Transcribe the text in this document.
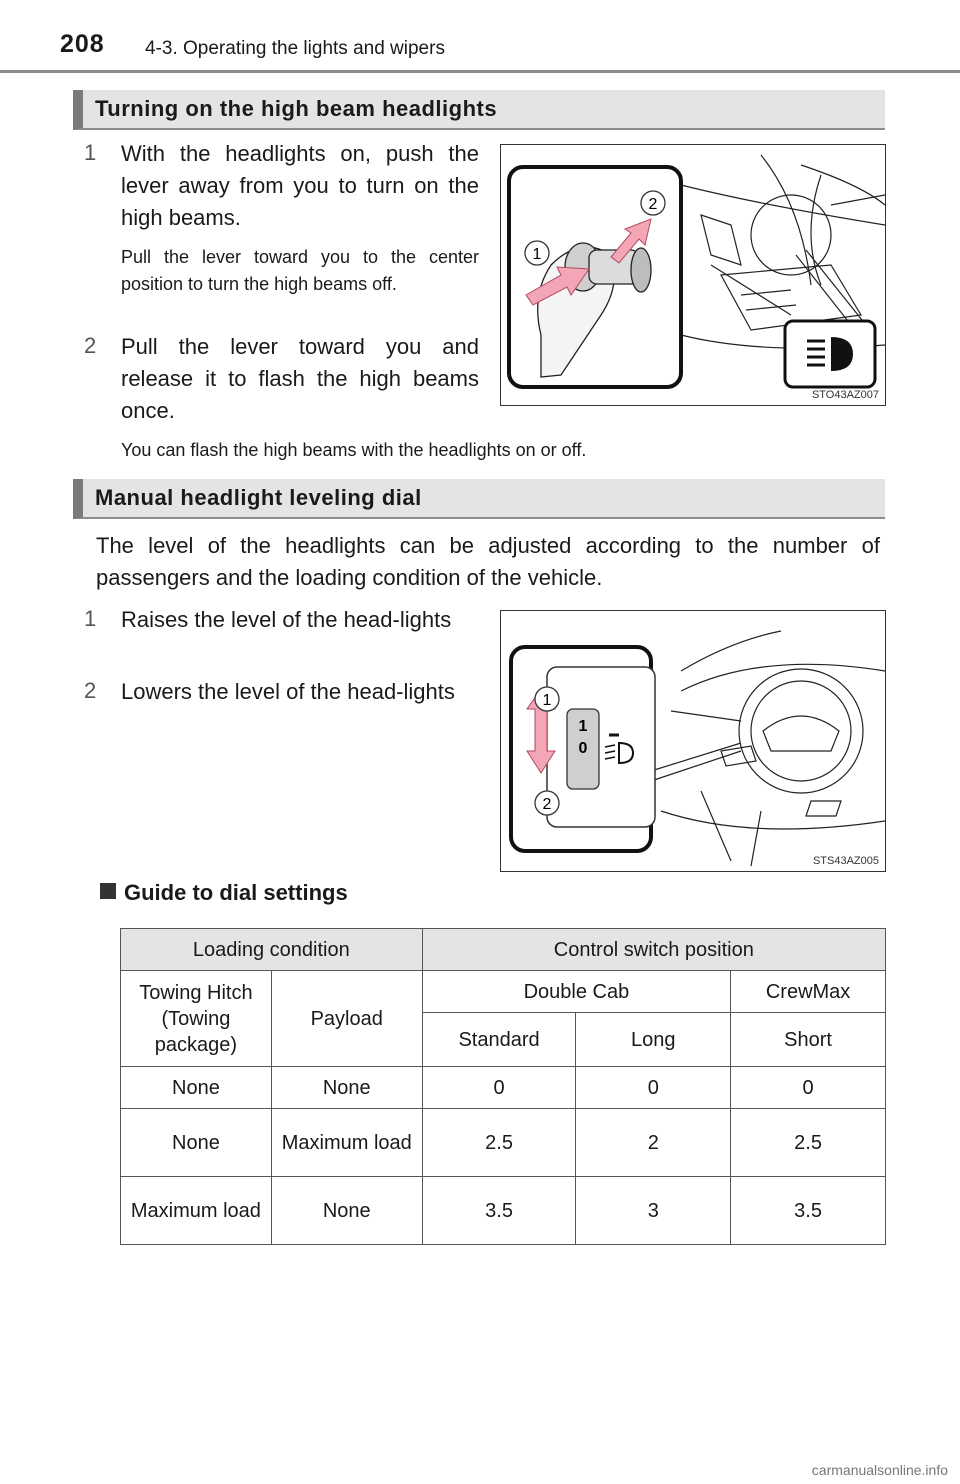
208 4-3. Operating the lights and wipers
Turning on the high beam headlights
1	With the headlights on, push the lever away from you to turn on the high beams.
Pull the lever toward you to the center position to turn the high beams off.
2	Pull the lever toward you and release it to flash the high beams once.
You can flash the high beams with the headlights on or off.
1
2
STO43AZ007
Manual headlight leveling dial
The level of the headlights can be adjusted according to the number of passengers and the loading condition of the vehicle.
1	Raises the level of the head-lights
2	Lowers the level of the head-lights
1
0
1
2
STS43AZ005
Guide to dial settings
Loading condition		Control switch position		
Towing Hitch (Towing package)	Payload	Double Cab		CrewMax
		Standard	Long	Short
None	None	0	0	0
None	Maximum load	2.5	2	2.5
Maximum load	None	3.5	3	3.5
carmanualsonline.info
